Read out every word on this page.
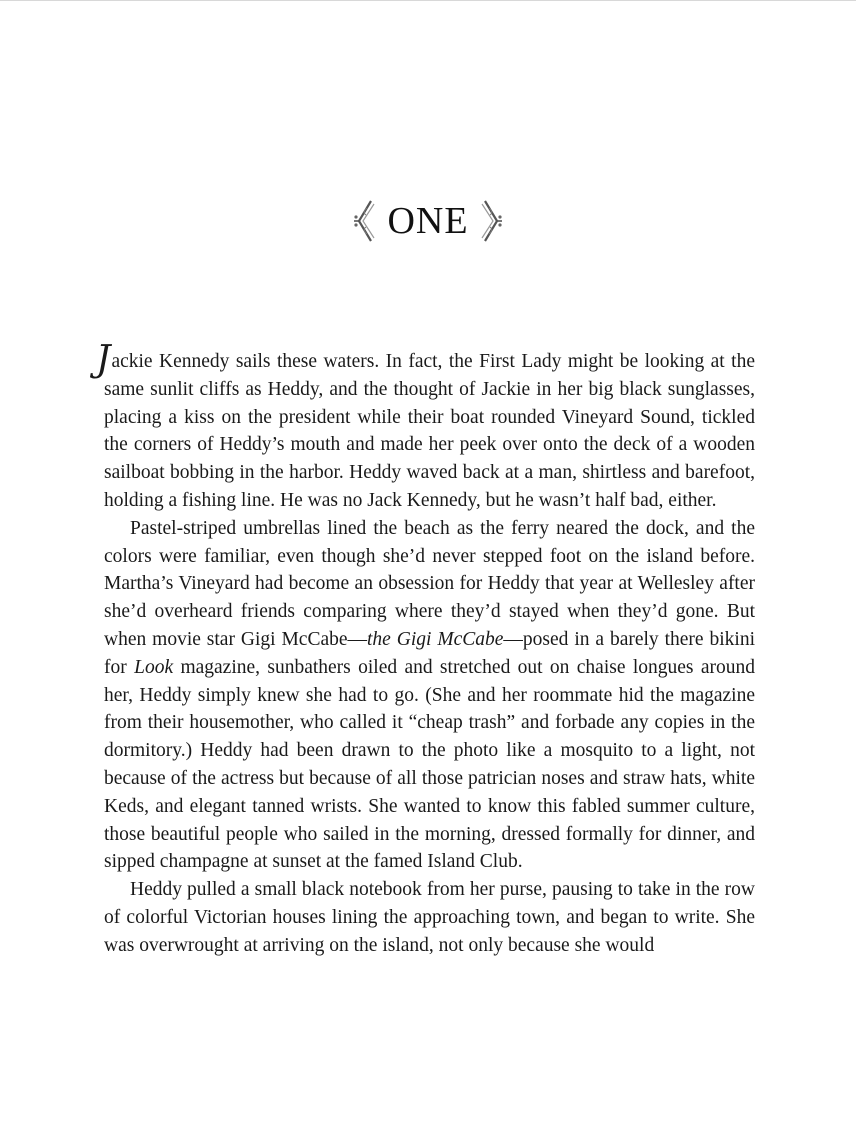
ONE

Jackie Kennedy sails these waters. In fact, the First Lady might be looking at the same sunlit cliffs as Heddy, and the thought of Jackie in her big black sunglasses, placing a kiss on the president while their boat rounded Vineyard Sound, tickled the corners of Heddy’s mouth and made her peek over onto the deck of a wooden sailboat bobbing in the harbor. Heddy waved back at a man, shirtless and barefoot, holding a fishing line. He was no Jack Kennedy, but he wasn’t half bad, either.

Pastel-striped umbrellas lined the beach as the ferry neared the dock, and the colors were familiar, even though she’d never stepped foot on the island before. Martha’s Vineyard had become an obsession for Heddy that year at Wellesley after she’d overheard friends comparing where they’d stayed when they’d gone. But when movie star Gigi McCabe—the Gigi McCabe—posed in a barely there bikini for Look magazine, sunbathers oiled and stretched out on chaise longues around her, Heddy simply knew she had to go. (She and her roommate hid the magazine from their housemother, who called it “cheap trash” and forbade any copies in the dormitory.) Heddy had been drawn to the photo like a mosquito to a light, not because of the actress but because of all those patrician noses and straw hats, white Keds, and elegant tanned wrists. She wanted to know this fabled summer culture, those beautiful people who sailed in the morning, dressed formally for dinner, and sipped champagne at sunset at the famed Island Club.

Heddy pulled a small black notebook from her purse, pausing to take in the row of colorful Victorian houses lining the approaching town, and began to write. She was overwrought at arriving on the island, not only because she would
